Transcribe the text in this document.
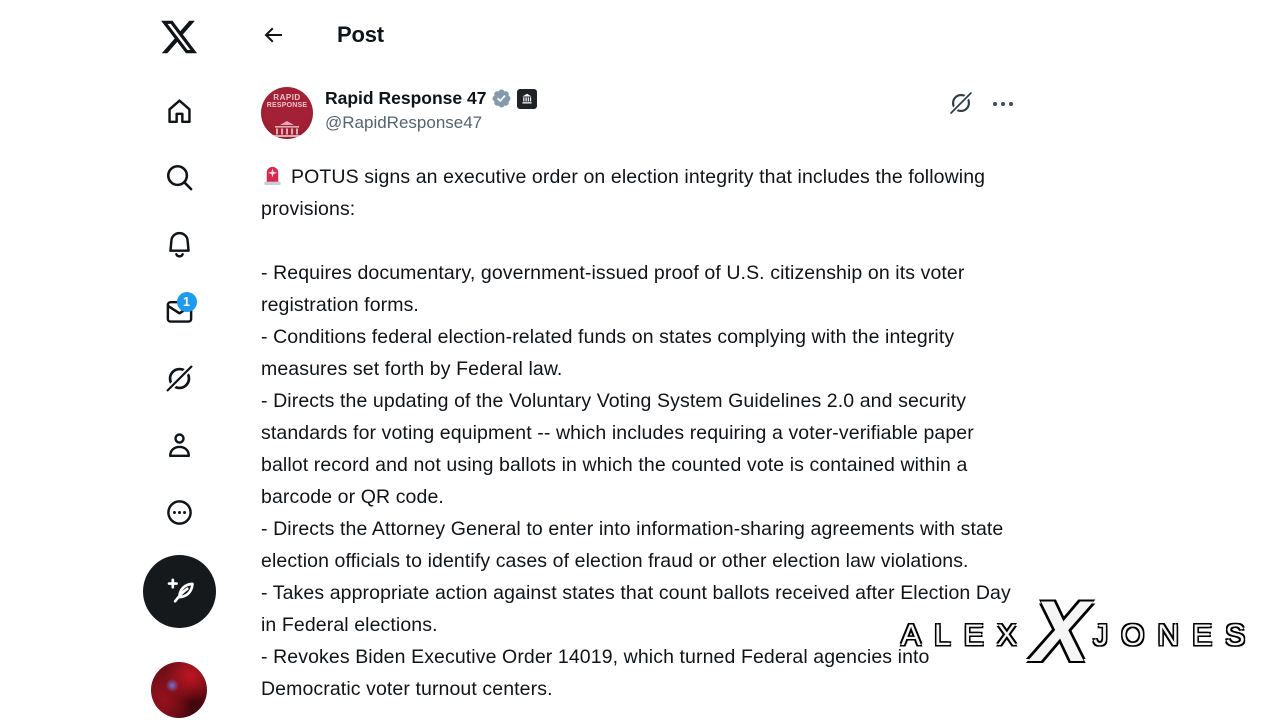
1
Post
RAPID
RESPONSE	Rapid Response 47
@RapidResponse47

POTUS signs an executive order on election integrity that includes the following provisions:

- Requires documentary, government-issued proof of U.S. citizenship on its voter registration forms.

- Conditions federal election-related funds on states complying with the integrity measures set forth by Federal law.

- Directs the updating of the Voluntary Voting System Guidelines 2.0 and security standards for voting equipment -- which includes requiring a voter-verifiable paper ballot record and not using ballots in which the counted vote is contained within a barcode or QR code.

- Directs the Attorney General to enter into information-sharing agreements with state election officials to identify cases of election fraud or other election law violations.

- Takes appropriate action against states that count ballots received after Election Day in Federal elections.

- Revokes Biden Executive Order 14019, which turned Federal agencies into Democratic voter turnout centers.

ALEX X JONES
